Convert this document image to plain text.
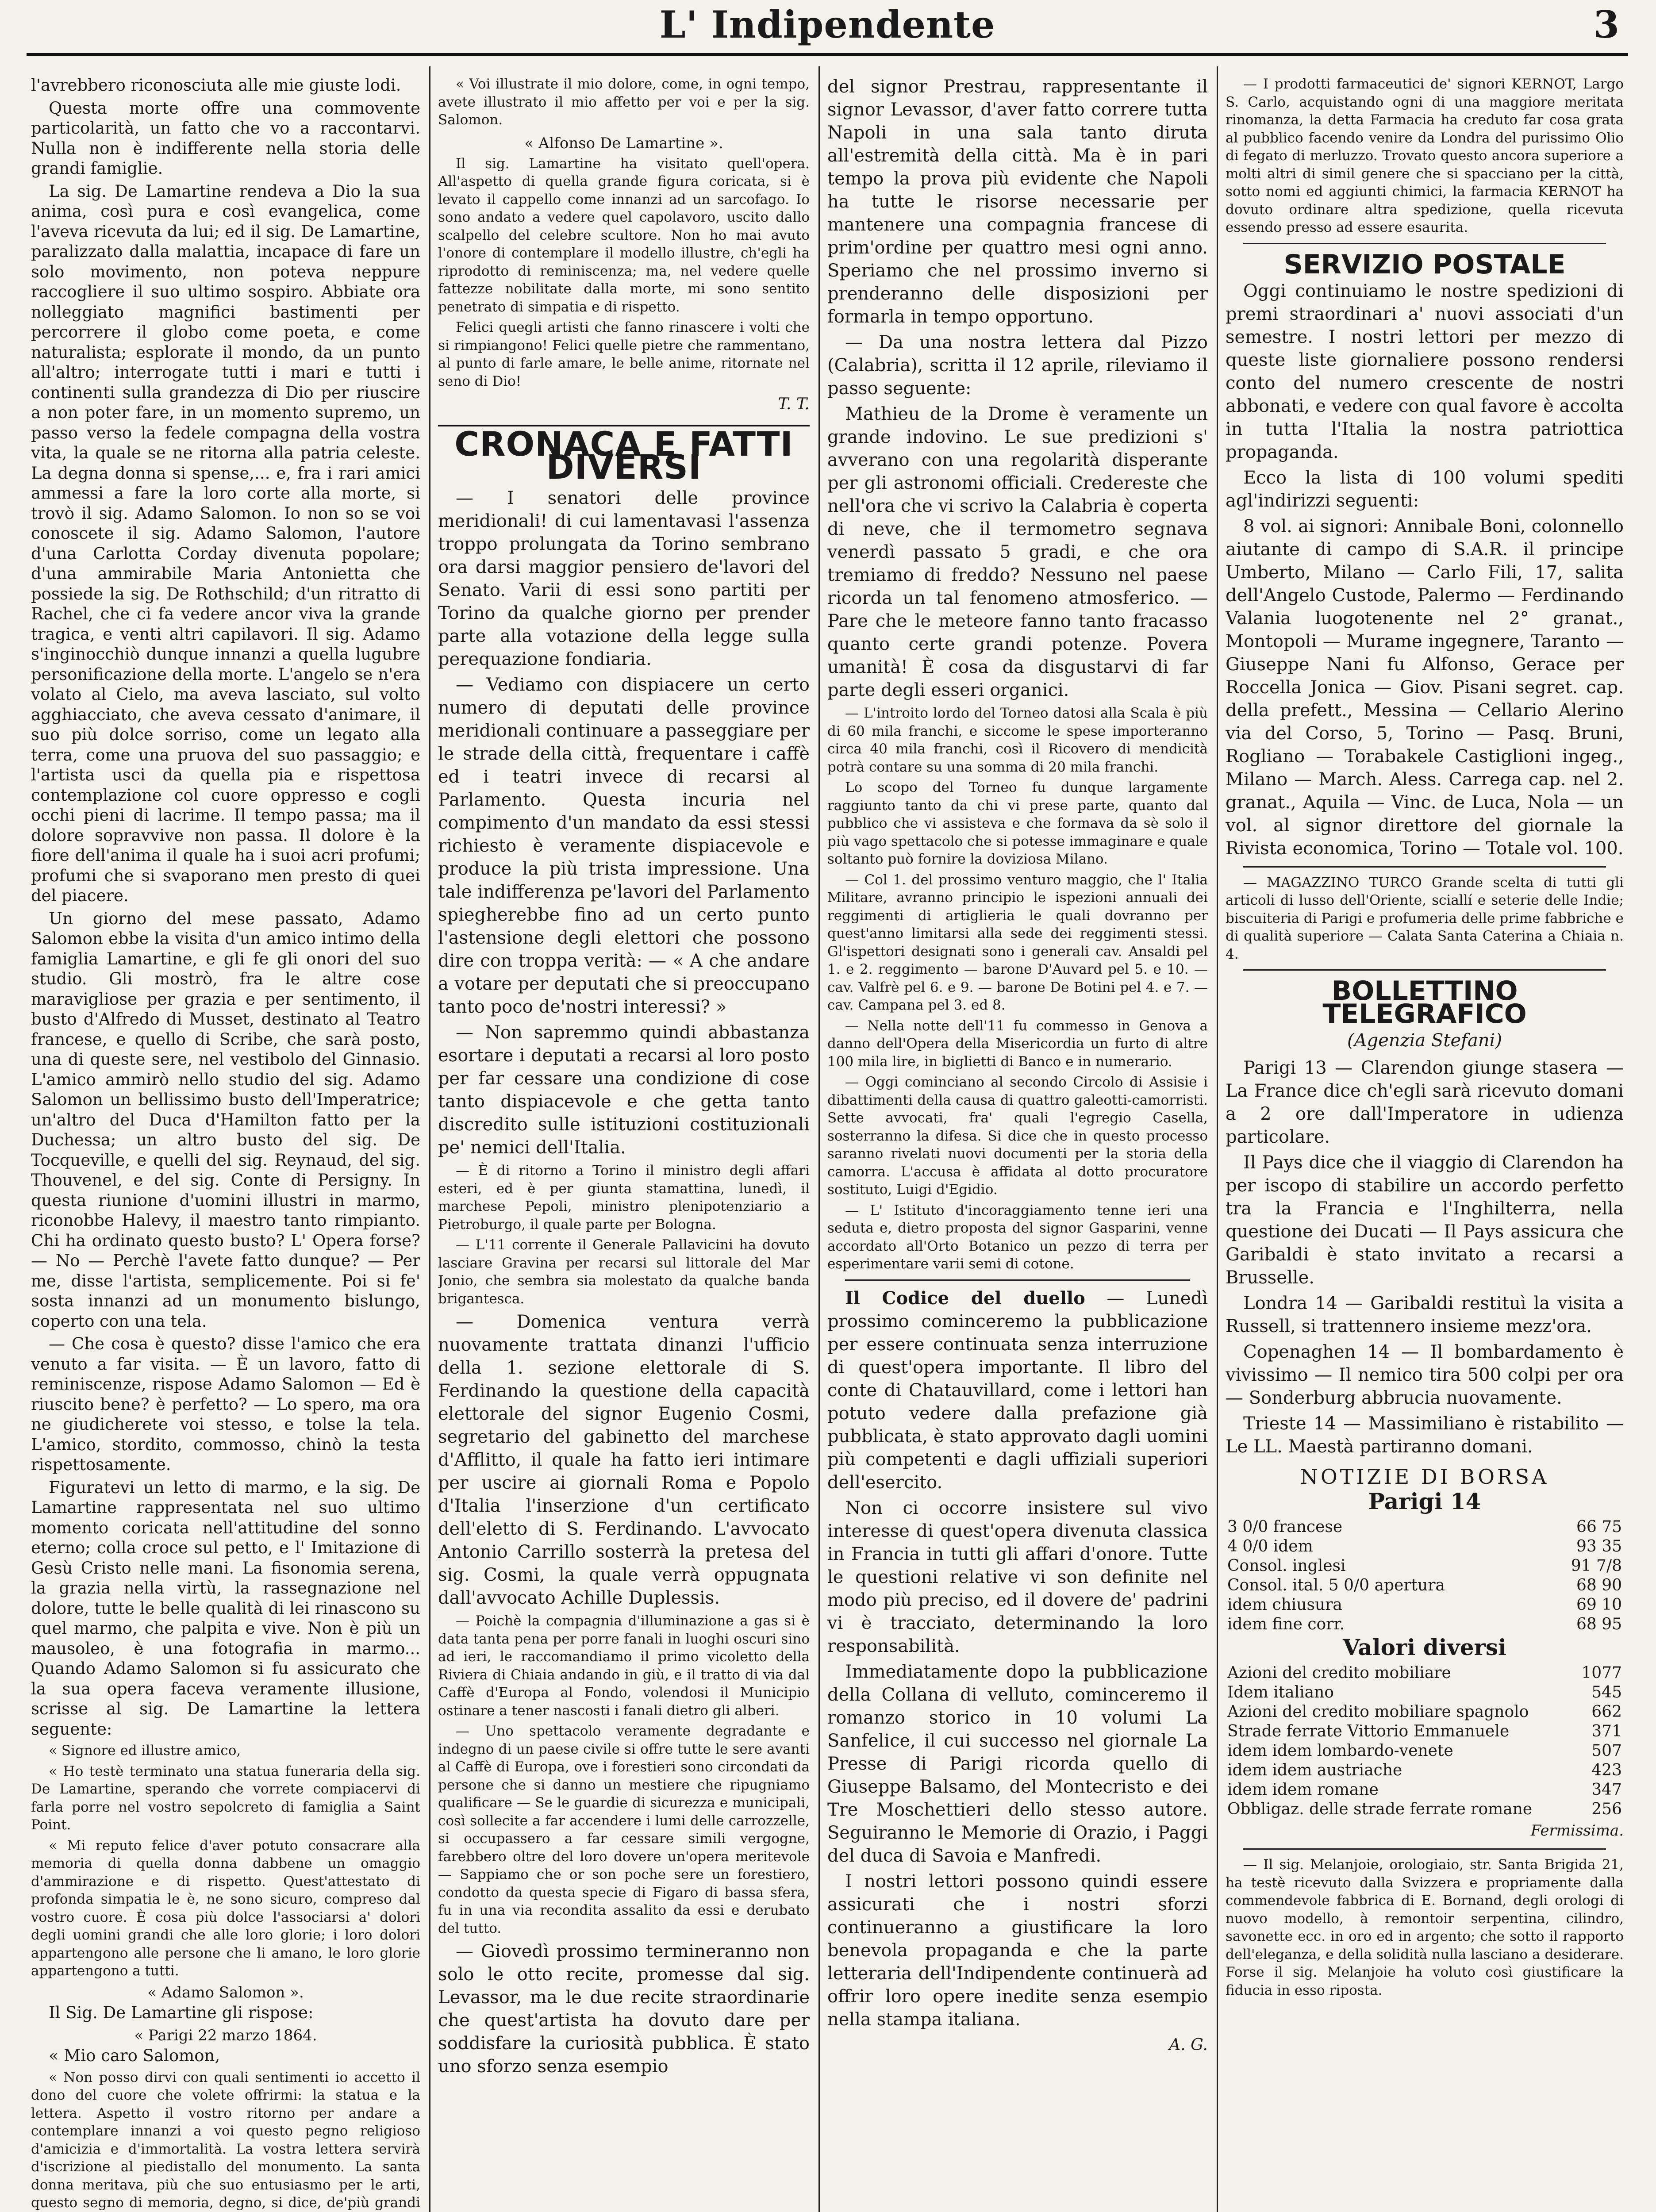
L' Indipendente	3

l'avrebbero riconosciuta alle mie giuste lodi.

Questa morte offre una commovente particolarità, un fatto che vo a raccontarvi. Nulla non è indifferente nella storia delle grandi famiglie.

La sig. De Lamartine rendeva a Dio la sua anima, così pura e così evangelica, come l'aveva ricevuta da lui; ed il sig. De Lamartine, paralizzato dalla malattia, incapace di fare un solo movimento, non poteva neppure raccogliere il suo ultimo sospiro. Abbiate ora nolleggiato magnifici bastimenti per percorrere il globo come poeta, e come naturalista; esplorate il mondo, da un punto all'altro; interrogate tutti i mari e tutti i continenti sulla grandezza di Dio per riuscire a non poter fare, in un momento supremo, un passo verso la fedele compagna della vostra vita, la quale se ne ritorna alla patria celeste. La degna donna si spense,... e, fra i rari amici ammessi a fare la loro corte alla morte, si trovò il sig. Adamo Salomon. Io non so se voi conoscete il sig. Adamo Salomon, l'autore d'una Carlotta Corday divenuta popolare; d'una ammirabile Maria Antonietta che possiede la sig. De Rothschild; d'un ritratto di Rachel, che ci fa vedere ancor viva la grande tragica, e venti altri capilavori. Il sig. Adamo s'inginocchiò dunque innanzi a quella lugubre personificazione della morte. L'angelo se n'era volato al Cielo, ma aveva lasciato, sul volto agghiacciato, che aveva cessato d'animare, il suo più dolce sorriso, come un legato alla terra, come una pruova del suo passaggio; e l'artista usci da quella pia e rispettosa contemplazione col cuore oppresso e cogli occhi pieni di lacrime. Il tempo passa; ma il dolore sopravvive non passa. Il dolore è la fiore dell'anima il quale ha i suoi acri profumi; profumi che si svaporano men presto di quei del piacere.

Un giorno del mese passato, Adamo Salomon ebbe la visita d'un amico intimo della famiglia Lamartine, e gli fe gli onori del suo studio. Gli mostrò, fra le altre cose maravigliose per grazia e per sentimento, il busto d'Alfredo di Musset, destinato al Teatro francese, e quello di Scribe, che sarà posto, una di queste sere, nel vestibolo del Ginnasio. L'amico ammirò nello studio del sig. Adamo Salomon un bellissimo busto dell'Imperatrice; un'altro del Duca d'Hamilton fatto per la Duchessa; un altro busto del sig. De Tocqueville, e quelli del sig. Reynaud, del sig. Thouvenel, e del sig. Conte di Persigny. In questa riunione d'uomini illustri in marmo, riconobbe Halevy, il maestro tanto rimpianto. Chi ha ordinato questo busto? L' Opera forse? — No — Perchè l'avete fatto dunque? — Per me, disse l'artista, semplicemente. Poi si fe' sosta innanzi ad un monumento bislungo, coperto con una tela.

— Che cosa è questo? disse l'amico che era venuto a far visita. — È un lavoro, fatto di reminiscenze, rispose Adamo Salomon — Ed è riuscito bene? è perfetto? — Lo spero, ma ora ne giudicherete voi stesso, e tolse la tela. L'amico, stordito, commosso, chinò la testa rispettosamente.

Figuratevi un letto di marmo, e la sig. De Lamartine rappresentata nel suo ultimo momento coricata nell'attitudine del sonno eterno; colla croce sul petto, e l' Imitazione di Gesù Cristo nelle mani. La fisonomia serena, la grazia nella virtù, la rassegnazione nel dolore, tutte le belle qualità di lei rinascono su quel marmo, che palpita e vive. Non è più un mausoleo, è una fotografia in marmo... Quando Adamo Salomon si fu assicurato che la sua opera faceva veramente illusione, scrisse al sig. De Lamartine la lettera seguente:

« Signore ed illustre amico,

« Ho testè terminato una statua funeraria della sig. De Lamartine, sperando che vorrete compiacervi di farla porre nel vostro sepolcreto di famiglia a Saint Point.

« Mi reputo felice d'aver potuto consacrare alla memoria di quella donna dabbene un omaggio d'ammirazione e di rispetto. Quest'attestato di profonda simpatia le è, ne sono sicuro, compreso dal vostro cuore. È cosa più dolce l'associarsi a' dolori degli uomini grandi che alle loro glorie; i loro dolori appartengono alle persone che li amano, le loro glorie appartengono a tutti.

« Adamo Salomon ».

Il Sig. De Lamartine gli rispose:

« Parigi 22 marzo 1864.

« Mio caro Salomon,

« Non posso dirvi con quali sentimenti io accetto il dono del cuore che volete offrirmi: la statua e la lettera. Aspetto il vostro ritorno per andare a contemplare innanzi a voi questo pegno religioso d'amicizia e d'immortalità. La vostra lettera servirà d'iscrizione al piedistallo del monumento. La santa donna meritava, più che suo entusiasmo per le arti, questo segno di memoria, degno, si dice, de'più grandi

« Voi illustrate il mio dolore, come, in ogni tempo, avete illustrato il mio affetto per voi e per la sig. Salomon.

« Alfonso De Lamartine ».

Il sig. Lamartine ha visitato quell'opera. All'aspetto di quella grande figura coricata, si è levato il cappello come innanzi ad un sarcofago. Io sono andato a vedere quel capolavoro, uscito dallo scalpello del celebre scultore. Non ho mai avuto l'onore di contemplare il modello illustre, ch'egli ha riprodotto di reminiscenza; ma, nel vedere quelle fattezze nobilitate dalla morte, mi sono sentito penetrato di simpatia e di rispetto.

Felici quegli artisti che fanno rinascere i volti che si rimpiangono! Felici quelle pietre che rammentano, al punto di farle amare, le belle anime, ritornate nel seno di Dio!

T. T.
CRONACA E FATTI DIVERSI

— I senatori delle province meridionali! di cui lamentavasi l'assenza troppo prolungata da Torino sembrano ora darsi maggior pensiero de'lavori del Senato. Varii di essi sono partiti per Torino da qualche giorno per prender parte alla votazione della legge sulla perequazione fondiaria.

— Vediamo con dispiacere un certo numero di deputati delle province meridionali continuare a passeggiare per le strade della città, frequentare i caffè ed i teatri invece di recarsi al Parlamento. Questa incuria nel compimento d'un mandato da essi stessi richiesto è veramente dispiacevole e produce la più trista impressione. Una tale indifferenza pe'lavori del Parlamento spiegherebbe fino ad un certo punto l'astensione degli elettori che possono dire con troppa verità: — « A che andare a votare per deputati che si preoccupano tanto poco de'nostri interessi? »

— Non sapremmo quindi abbastanza esortare i deputati a recarsi al loro posto per far cessare una condizione di cose tanto dispiacevole e che getta tanto discredito sulle istituzioni costituzionali pe' nemici dell'Italia.

— È di ritorno a Torino il ministro degli affari esteri, ed è per giunta stamattina, lunedì, il marchese Pepoli, ministro plenipotenziario a Pietroburgo, il quale parte per Bologna.

— L'11 corrente il Generale Pallavicini ha dovuto lasciare Gravina per recarsi sul littorale del Mar Jonio, che sembra sia molestato da qualche banda brigantesca.

— Domenica ventura verrà nuovamente trattata dinanzi l'ufficio della 1. sezione elettorale di S. Ferdinando la questione della capacità elettorale del signor Eugenio Cosmi, segretario del gabinetto del marchese d'Afflitto, il quale ha fatto ieri intimare per uscire ai giornali Roma e Popolo d'Italia l'inserzione d'un certificato dell'eletto di S. Ferdinando. L'avvocato Antonio Carrillo sosterrà la pretesa del sig. Cosmi, la quale verrà oppugnata dall'avvocato Achille Duplessis.

— Poichè la compagnia d'illuminazione a gas si è data tanta pena per porre fanali in luoghi oscuri sino ad ieri, le raccomandiamo il primo vicoletto della Riviera di Chiaia andando in giù, e il tratto di via dal Caffè d'Europa al Fondo, volendosi il Municipio ostinare a tener nascosti i fanali dietro gli alberi.

— Uno spettacolo veramente degradante e indegno di un paese civile si offre tutte le sere avanti al Caffè di Europa, ove i forestieri sono circondati da persone che si danno un mestiere che ripugniamo qualificare — Se le guardie di sicurezza e municipali, così sollecite a far accendere i lumi delle carrozzelle, si occupassero a far cessare simili vergogne, farebbero oltre del loro dovere un'opera meritevole — Sappiamo che or son poche sere un forestiero, condotto da questa specie di Figaro di bassa sfera, fu in una via recondita assalito da essi e derubato del tutto.

— Giovedì prossimo termineranno non solo le otto recite, promesse dal sig. Levassor, ma le due recite straordinarie che quest'artista ha dovuto dare per soddisfare la curiosità pubblica. È stato uno sforzo senza esempio

del signor Prestrau, rappresentante il signor Levassor, d'aver fatto correre tutta Napoli in una sala tanto diruta all'estremità della città. Ma è in pari tempo la prova più evidente che Napoli ha tutte le risorse necessarie per mantenere una compagnia francese di prim'ordine per quattro mesi ogni anno. Speriamo che nel prossimo inverno si prenderanno delle disposizioni per formarla in tempo opportuno.

— Da una nostra lettera dal Pizzo (Calabria), scritta il 12 aprile, rileviamo il passo seguente:

Mathieu de la Drome è veramente un grande indovino. Le sue predizioni s' avverano con una regolarità disperante per gli astronomi officiali. Credereste che nell'ora che vi scrivo la Calabria è coperta di neve, che il termometro segnava venerdì passato 5 gradi, e che ora tremiamo di freddo? Nessuno nel paese ricorda un tal fenomeno atmosferico. — Pare che le meteore fanno tanto fracasso quanto certe grandi potenze. Povera umanità! È cosa da disgustarvi di far parte degli esseri organici.

— L'introito lordo del Torneo datosi alla Scala è più di 60 mila franchi, e siccome le spese importeranno circa 40 mila franchi, così il Ricovero di mendicità potrà contare su una somma di 20 mila franchi.

Lo scopo del Torneo fu dunque largamente raggiunto tanto da chi vi prese parte, quanto dal pubblico che vi assisteva e che formava da sè solo il più vago spettacolo che si potesse immaginare e quale soltanto può fornire la doviziosa Milano.

— Col 1. del prossimo venturo maggio, che l' Italia Militare, avranno principio le ispezioni annuali dei reggimenti di artiglieria le quali dovranno per quest'anno limitarsi alla sede dei reggimenti stessi. Gl'ispettori designati sono i generali cav. Ansaldi pel 1. e 2. reggimento — barone D'Auvard pel 5. e 10. — cav. Valfrè pel 6. e 9. — barone De Botini pel 4. e 7. — cav. Campana pel 3. ed 8.

— Nella notte dell'11 fu commesso in Genova a danno dell'Opera della Misericordia un furto di altre 100 mila lire, in biglietti di Banco e in numerario.

— Oggi cominciano al secondo Circolo di Assisie i dibattimenti della causa di quattro galeotti-camorristi. Sette avvocati, fra' quali l'egregio Casella, sosterranno la difesa. Si dice che in questo processo saranno rivelati nuovi documenti per la storia della camorra. L'accusa è affidata al dotto procuratore sostituto, Luigi d'Egidio.

— L' Istituto d'incoraggiamento tenne ieri una seduta e, dietro proposta del signor Gasparini, venne accordato all'Orto Botanico un pezzo di terra per esperimentare varii semi di cotone.

Il Codice del duello — Lunedì prossimo cominceremo la pubblicazione per essere continuata senza interruzione di quest'opera importante. Il libro del conte di Chatauvillard, come i lettori han potuto vedere dalla prefazione già pubblicata, è stato approvato dagli uomini più competenti e dagli uffiziali superiori dell'esercito.

Non ci occorre insistere sul vivo interesse di quest'opera divenuta classica in Francia in tutti gli affari d'onore. Tutte le questioni relative vi son definite nel modo più preciso, ed il dovere de' padrini vi è tracciato, determinando la loro responsabilità.

Immediatamente dopo la pubblicazione della Collana di velluto, cominceremo il romanzo storico in 10 volumi La Sanfelice, il cui successo nel giornale La Presse di Parigi ricorda quello di Giuseppe Balsamo, del Montecristo e dei Tre Moschettieri dello stesso autore. Seguiranno le Memorie di Orazio, i Paggi del duca di Savoia e Manfredi.

I nostri lettori possono quindi essere assicurati che i nostri sforzi continueranno a giustificare la loro benevola propaganda e che la parte letteraria dell'Indipendente continuerà ad offrir loro opere inedite senza esempio nella stampa italiana.

A. G.

— I prodotti farmaceutici de' signori KERNOT, Largo S. Carlo, acquistando ogni di una maggiore meritata rinomanza, la detta Farmacia ha creduto far cosa grata al pubblico facendo venire da Londra del purissimo Olio di fegato di merluzzo. Trovato questo ancora superiore a molti altri di simil genere che si spacciano per la città, sotto nomi ed aggiunti chimici, la farmacia KERNOT ha dovuto ordinare altra spedizione, quella ricevuta essendo presso ad essere esaurita.

SERVIZIO POSTALE

Oggi continuiamo le nostre spedizioni di premi straordinari a' nuovi associati d'un semestre. I nostri lettori per mezzo di queste liste giornaliere possono rendersi conto del numero crescente de nostri abbonati, e vedere con qual favore è accolta in tutta l'Italia la nostra patriottica propaganda.

Ecco la lista di 100 volumi spediti agl'indirizzi seguenti:

8 vol. ai signori: Annibale Boni, colonnello aiutante di campo di S.A.R. il principe Umberto, Milano — Carlo Fili, 17, salita dell'Angelo Custode, Palermo — Ferdinando Valania luogotenente nel 2° granat., Montopoli — Murame ingegnere, Taranto — Giuseppe Nani fu Alfonso, Gerace per Roccella Jonica — Giov. Pisani segret. cap. della prefett., Messina — Cellario Alerino via del Corso, 5, Torino — Pasq. Bruni, Rogliano — Torabakele Castiglioni ingeg., Milano — March. Aless. Carrega cap. nel 2. granat., Aquila — Vinc. de Luca, Nola — un vol. al signor direttore del giornale la Rivista economica, Torino — Totale vol. 100.

— MAGAZZINO TURCO Grande scelta di tutti gli articoli di lusso dell'Oriente, sciallí e seterie delle Indie; biscuiteria di Parigi e profumeria delle prime fabbriche e di qualità superiore — Calata Santa Caterina a Chiaia n. 4.

BOLLETTINO TELEGRAFICO
(Agenzia Stefani)

Parigi 13 — Clarendon giunge stasera — La France dice ch'egli sarà ricevuto domani a 2 ore dall'Imperatore in udienza particolare.

Il Pays dice che il viaggio di Clarendon ha per iscopo di stabilire un accordo perfetto tra la Francia e l'Inghilterra, nella questione dei Ducati — Il Pays assicura che Garibaldi è stato invitato a recarsi a Brusselle.

Londra 14 — Garibaldi restituì la visita a Russell, si trattennero insieme mezz'ora.

Copenaghen 14 — Il bombardamento è vivissimo — Il nemico tira 500 colpi per ora — Sonderburg abbrucia nuovamente.

Trieste 14 — Massimiliano è ristabilito — Le LL. Maestà partiranno domani.

NOTIZIE DI BORSA
Parigi 14
3 0/0 francese	66 75
4 0/0 idem	93 35
Consol. inglesi	91 7/8
Consol. ital. 5 0/0 apertura	68 90
idem chiusura	69 10
idem fine corr.	68 95
Valori diversi
Azioni del credito mobiliare	1077
Idem italiano	545
Azioni del credito mobiliare spagnolo	662
Strade ferrate Vittorio Emmanuele	371
idem idem lombardo-venete	507
idem idem austriache	423
idem idem romane	347
Obbligaz. delle strade ferrate romane	256
Fermissima.

— Il sig. Melanjoie, orologiaio, str. Santa Brigida 21, ha testè ricevuto dalla Svizzera e propriamente dalla commendevole fabbrica di E. Bornand, degli orologi di nuovo modello, à remontoir serpentina, cilindro, savonette ecc. in oro ed in argento; che sotto il rapporto dell'eleganza, e della solidità nulla lasciano a desiderare. Forse il sig. Melanjoie ha voluto così giustificare la fiducia in esso riposta.
